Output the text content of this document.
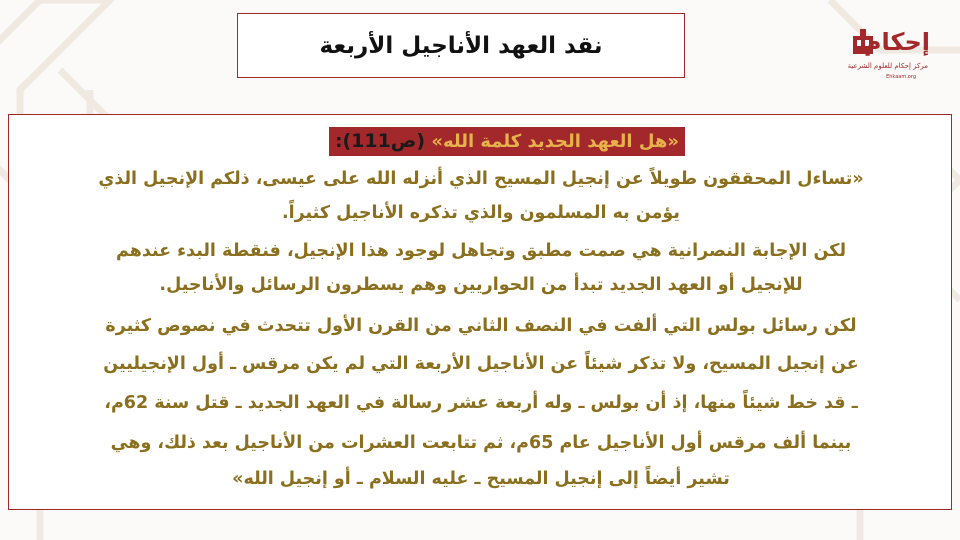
نقد العهد الأناجيل الأربعة	إحكام
مركز إحكام للعلوم الشرعية
Ehkaam.org
«هل العهد الجديد كلمة الله» (ص111):
«تساءل المحققون طويلاً عن إنجيل المسيح الذي أنزله الله على عيسى، ذلكم الإنجيل الذي
يؤمن به المسلمون والذي تذكره الأناجيل كثيراً.
لكن الإجابة النصرانية هي صمت مطبق وتجاهل لوجود هذا الإنجيل، فنقطة البدء عندهم
للإنجيل أو العهد الجديد تبدأ من الحواريين وهم يسطرون الرسائل والأناجيل.
لكن رسائل بولس التي ألفت في النصف الثاني من القرن الأول تتحدث في نصوص كثيرة
عن إنجيل المسيح، ولا تذكر شيئاً عن الأناجيل الأربعة التي لم يكن مرقس ـ أول الإنجيليين
ـ قد خط شيئاً منها، إذ أن بولس ـ وله أربعة عشر رسالة في العهد الجديد ـ قتل سنة 62م،
بينما ألف مرقس أول الأناجيل عام 65م، ثم تتابعت العشرات من الأناجيل بعد ذلك، وهي
تشير أيضاً إلى إنجيل المسيح ـ عليه السلام ـ أو إنجيل الله»
